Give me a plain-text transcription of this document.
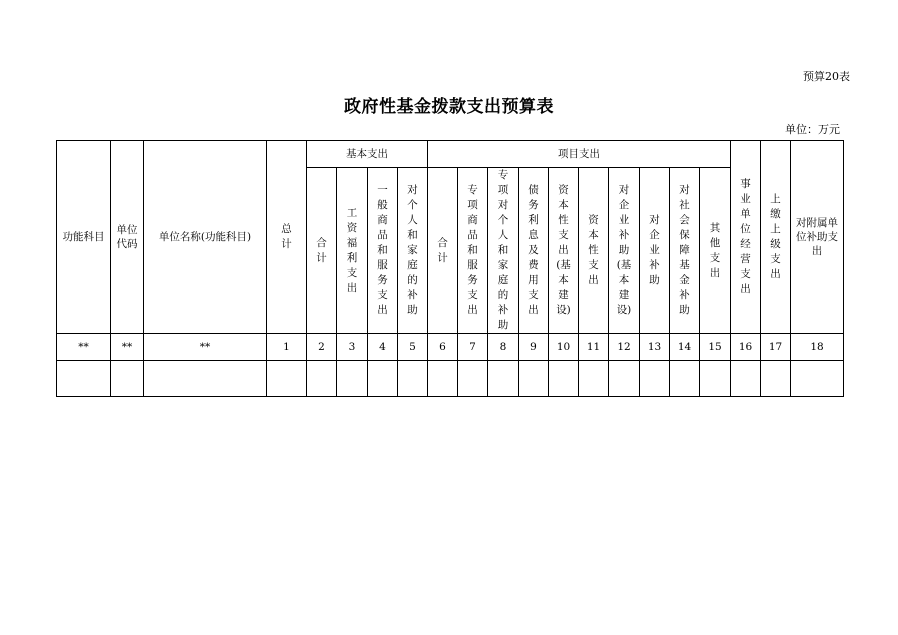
预算20表
政府性基金拨款支出预算表
单位：万元
功能科目	单位代码	单位名称(功能科目)	总计	基本支出				项目支出										事业单位经营支出	上缴上级支出	对附属单位补助支出
				合计	工资福利支出	一般商品和服务支出	对个人和家庭的补助	合计	专项商品和服务支出	专项对个人和家庭的补助	债务利息及费用支出	资本性支出(基本建设)	资本性支出	对企业补助(基本建设)	对企业补助	对社会保障基金补助	其他支出			
**	**	**	1	2	3	4	5	6	7	8	9	10	11	12	13	14	15	16	17	18
